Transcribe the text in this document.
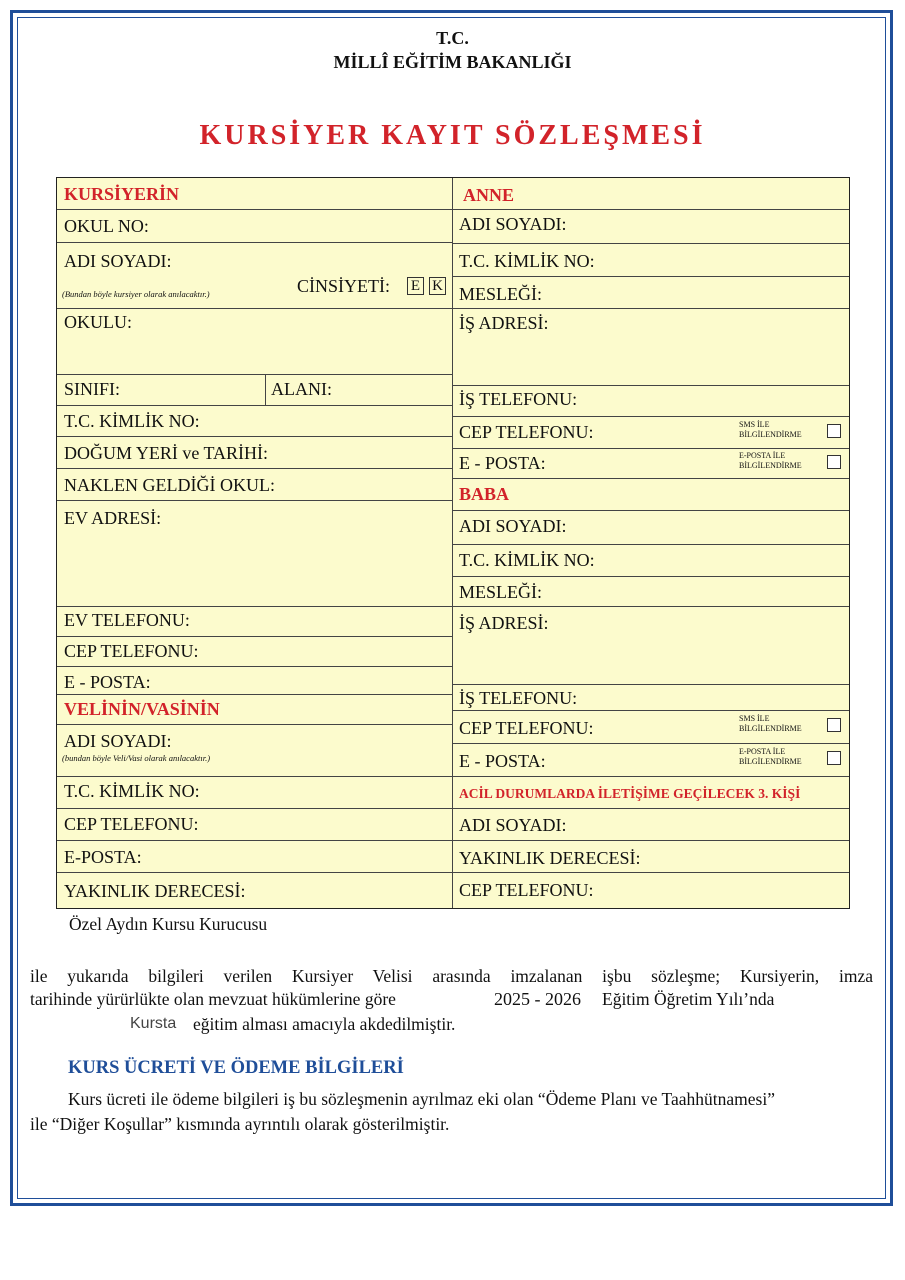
T.C.
MİLLÎ EĞİTİM BAKANLIĞI
KURSİYER KAYIT SÖZLEŞMESİ
KURSİYERİN
OKUL NO:
ADI SOYADI:
(Bundan böyle kursiyer olarak anılacaktır.)	CİNSİYETİ: E K
OKULU:
SINIFI:	ALANI:
T.C. KİMLİK NO:
DOĞUM YERİ ve TARİHİ:
NAKLEN GELDİĞİ OKUL:
EV ADRESİ:
EV TELEFONU:
CEP TELEFONU:
E - POSTA:
VELİNİN/VASİNİN
ADI SOYADI:
(bundan böyle Veli/Vasi olarak anılacaktır.)
T.C. KİMLİK NO:
CEP TELEFONU:
E-POSTA:
YAKINLIK DERECESİ:
ANNE
ADI SOYADI:
T.C. KİMLİK NO:
MESLEĞİ:
İŞ ADRESİ:
İŞ TELEFONU:
CEP TELEFONU:	SMS İLE
BİLGİLENDİRME
E - POSTA:	E-POSTA İLE
BİLGİLENDİRME
BABA
ADI SOYADI:
T.C. KİMLİK NO:
MESLEĞİ:
İŞ ADRESİ:
İŞ TELEFONU:
CEP TELEFONU:	SMS İLE
BİLGİLENDİRME
E - POSTA:	E-POSTA İLE
BİLGİLENDİRME
ACİL DURUMLARDA İLETİŞİME GEÇİLECEK 3. KİŞİ
ADI SOYADI:
YAKINLIK DERECESİ:
CEP TELEFONU:
Özel Aydın Kursu Kurucusu
ile yukarıda bilgileri verilen Kursiyer Velisi arasında imzalanan işbu sözleşme; Kursiyerin, imza
tarihinde yürürlükte olan mevzuat hükümlerine göre	2025 - 2026 Eğitim Öğretim Yılı’nda
Kursta eğitim alması amacıyla akdedilmiştir.
KURS ÜCRETİ VE ÖDEME BİLGİLERİ
Kurs ücreti ile ödeme bilgileri iş bu sözleşmenin ayrılmaz eki olan “Ödeme Planı ve Taahhütnamesi”
ile “Diğer Koşullar” kısmında ayrıntılı olarak gösterilmiştir.
